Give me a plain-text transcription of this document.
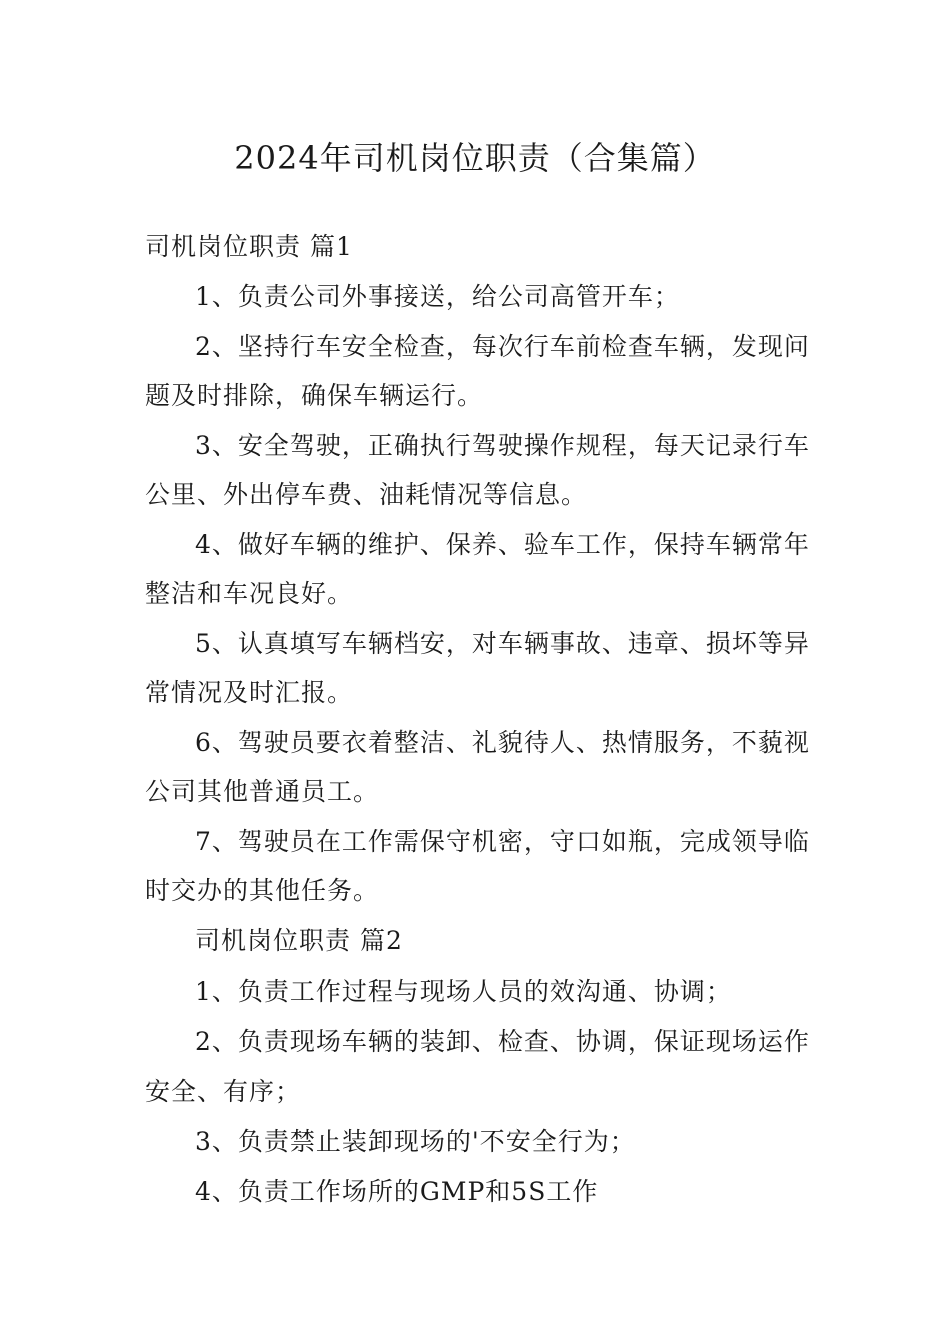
2024年司机岗位职责（合集篇）
司机岗位职责 篇1
1、负责公司外事接送，给公司高管开车；
2、坚持行车安全检查，每次行车前检查车辆，发现问
题及时排除，确保车辆运行。
3、安全驾驶，正确执行驾驶操作规程，每天记录行车
公里、外出停车费、油耗情况等信息。
4、做好车辆的维护、保养、验车工作，保持车辆常年
整洁和车况良好。
5、认真填写车辆档安，对车辆事故、违章、损坏等异
常情况及时汇报。
6、驾驶员要衣着整洁、礼貌待人、热情服务，不藐视
公司其他普通员工。
7、驾驶员在工作需保守机密，守口如瓶，完成领导临
时交办的其他任务。
司机岗位职责 篇2
1、负责工作过程与现场人员的效沟通、协调；
2、负责现场车辆的装卸、检查、协调，保证现场运作
安全、有序；
3、负责禁止装卸现场的'不安全行为；
4、负责工作场所的GMP和5S工作
